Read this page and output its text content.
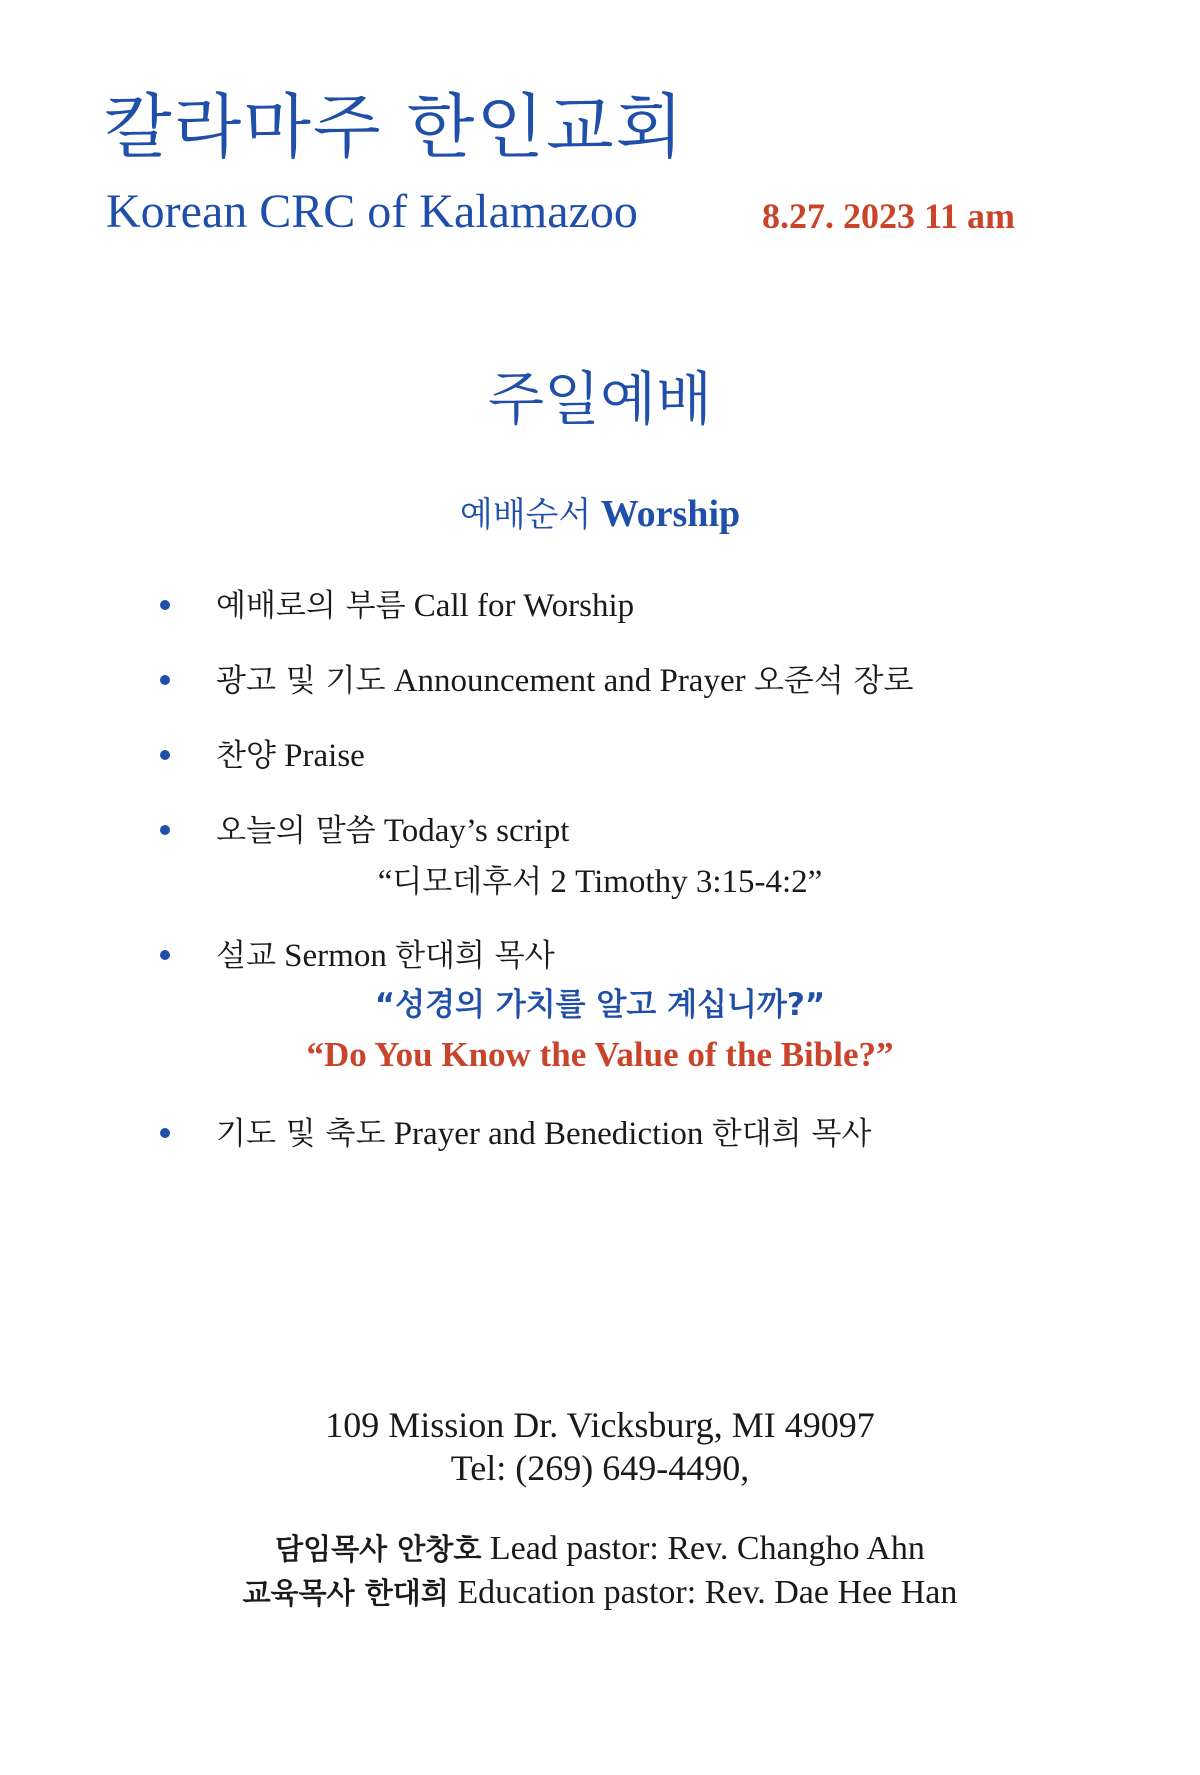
칼라마주 한인교회
Korean CRC of Kalamazoo	8.27. 2023 11 am
주일예배
예배순서 Worship
예배로의 부름 Call for Worship
광고 및 기도 Announcement and Prayer 오준석 장로
찬양 Praise
오늘의 말씀 Today’s script
“디모데후서 2 Timothy 3:15-4:2”
설교 Sermon 한대희 목사
“성경의 가치를 알고 계십니까?”
“Do You Know the Value of the Bible?”
기도 및 축도 Prayer and Benediction 한대희 목사
109 Mission Dr. Vicksburg, MI 49097
Tel: (269) 649-4490,
담임목사 안창호 Lead pastor: Rev. Changho Ahn
교육목사 한대희 Education pastor: Rev. Dae Hee Han
